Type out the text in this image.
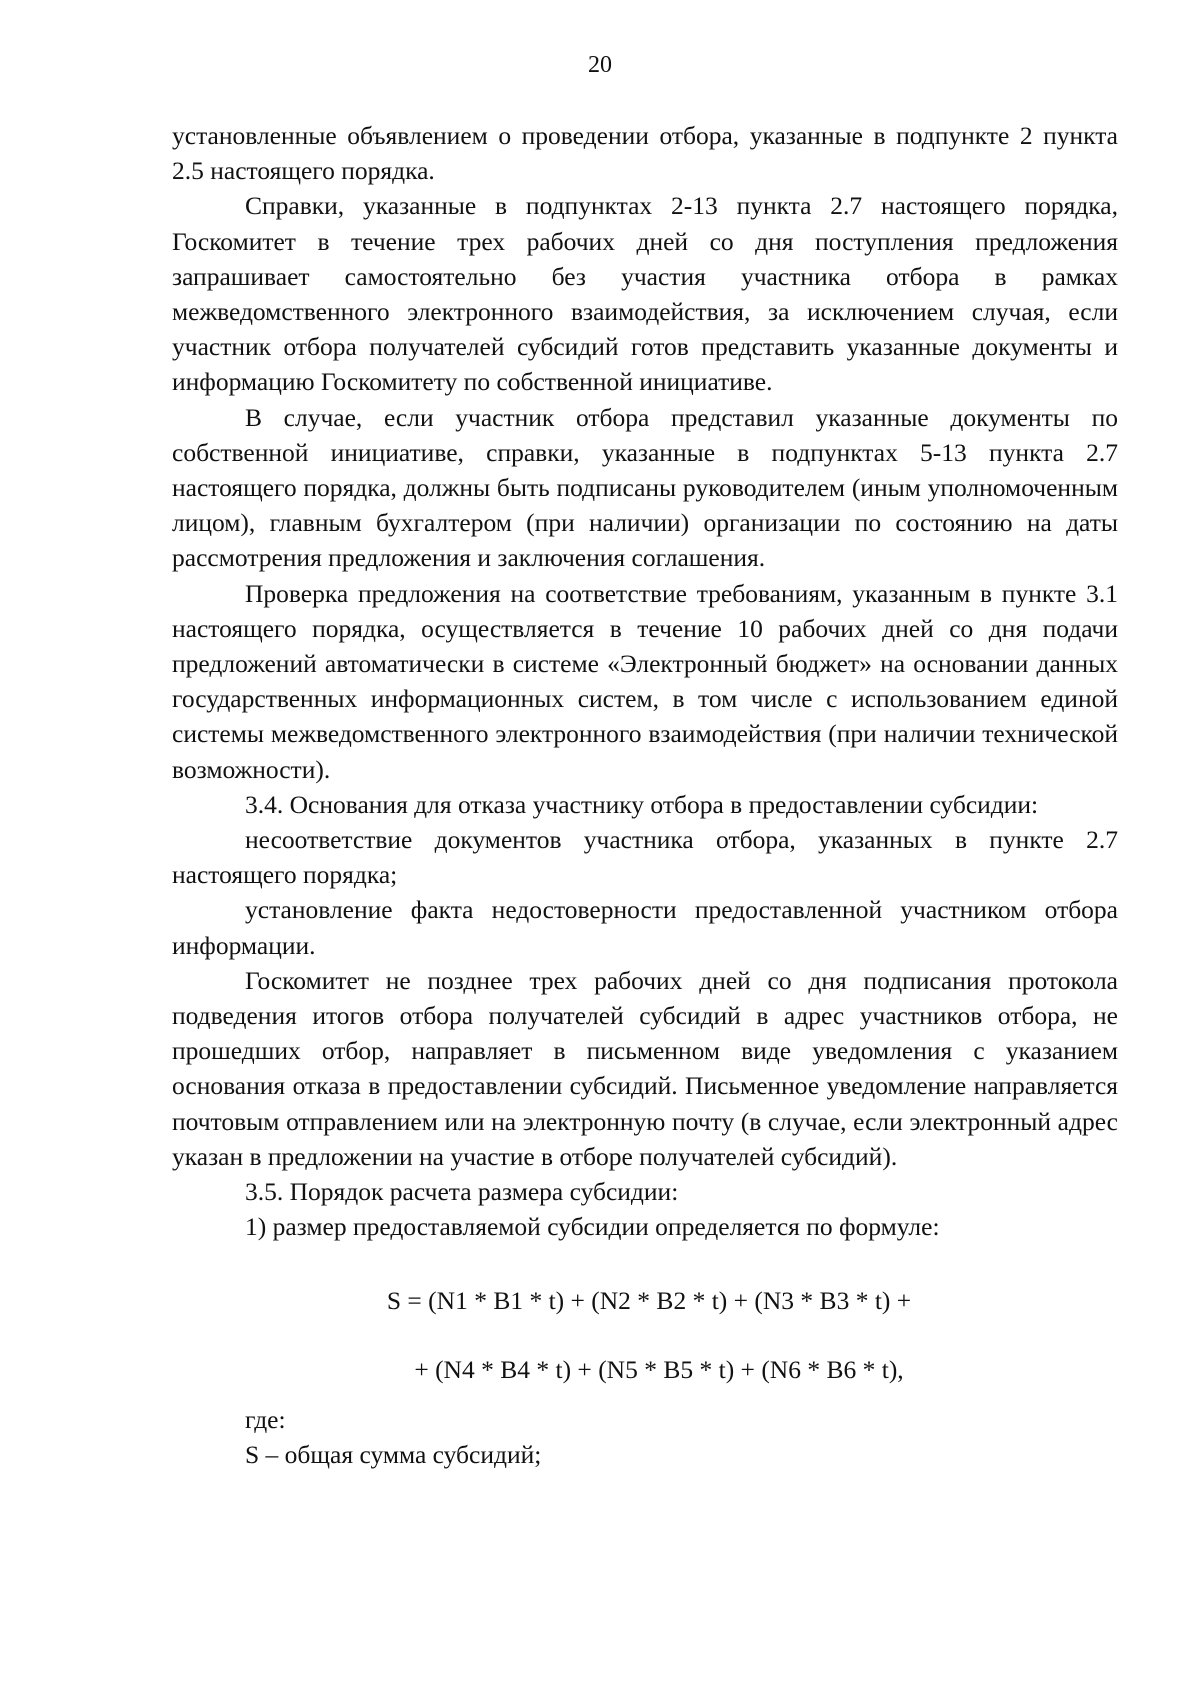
20

установленные объявлением о проведении отбора, указанные в подпункте 2 пункта 2.5 настоящего порядка.

Справки, указанные в подпунктах 2-13 пункта 2.7 настоящего порядка, Госкомитет в течение трех рабочих дней со дня поступления предложения запрашивает самостоятельно без участия участника отбора в рамках межведомственного электронного взаимодействия, за исключением случая, если участник отбора получателей субсидий готов представить указанные документы и информацию Госкомитету по собственной инициативе.

В случае, если участник отбора представил указанные документы по собственной инициативе, справки, указанные в подпунктах 5-13 пункта 2.7 настоящего порядка, должны быть подписаны руководителем (иным уполномоченным лицом), главным бухгалтером (при наличии) организации по состоянию на даты рассмотрения предложения и заключения соглашения.

Проверка предложения на соответствие требованиям, указанным в пункте 3.1 настоящего порядка, осуществляется в течение 10 рабочих дней со дня подачи предложений автоматически в системе «Электронный бюджет» на основании данных государственных информационных систем, в том числе с использованием единой системы межведомственного электронного взаимодействия (при наличии технической возможности).

3.4. Основания для отказа участнику отбора в предоставлении субсидии:

несоответствие документов участника отбора, указанных в пункте 2.7 настоящего порядка;

установление факта недостоверности предоставленной участником отбора информации.

Госкомитет не позднее трех рабочих дней со дня подписания протокола подведения итогов отбора получателей субсидий в адрес участников отбора, не прошедших отбор, направляет в письменном виде уведомления с указанием основания отказа в предоставлении субсидий. Письменное уведомление направляется почтовым отправлением или на электронную почту (в случае, если электронный адрес указан в предложении на участие в отборе получателей субсидий).

3.5. Порядок расчета размера субсидии:

1) размер предоставляемой субсидии определяется по формуле:

S = (N1 * B1 * t) + (N2 * B2 * t) + (N3 * B3 * t) +

+ (N4 * B4 * t) + (N5 * B5 * t) + (N6 * B6 * t),

где:

S – общая сумма субсидий;
